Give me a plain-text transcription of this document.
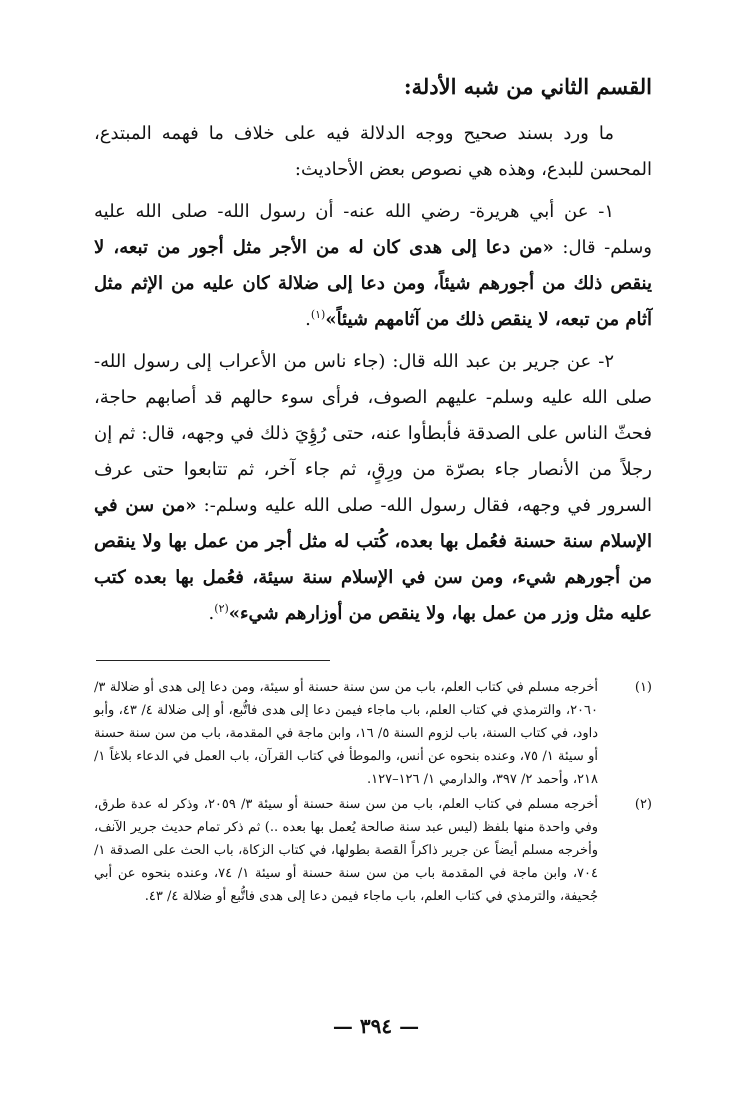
القسم الثاني من شبه الأدلة:

ما ورد بسند صحيح ووجه الدلالة فيه على خلاف ما فهمه المبتدع، المحسن للبدع، وهذه هي نصوص بعض الأحاديث:

١- عن أبي هريرة- رضي الله عنه- أن رسول الله- صلى الله عليه وسلم- قال: «من دعا إلى هدى كان له من الأجر مثل أجور من تبعه، لا ينقص ذلك من أجورهم شيئاً، ومن دعا إلى ضلالة كان عليه من الإثم مثل آثام من تبعه، لا ينقص ذلك من آثامهم شيئاً»$^{(١)}$.

٢- عن جرير بن عبد الله قال: (جاء ناس من الأعراب إلى رسول الله- صلى الله عليه وسلم- عليهم الصوف، فرأى سوء حالهم قد أصابهم حاجة، فحثّ الناس على الصدقة فأبطأوا عنه، حتى رُؤِيَ ذلك في وجهه، قال: ثم إن رجلاً من الأنصار جاء بصرّة من ورِقٍ، ثم جاء آخر، ثم تتابعوا حتى عرف السرور في وجهه، فقال رسول الله- صلى الله عليه وسلم-: «من سن في الإسلام سنة حسنة فعُمل بها بعده، كُتب له مثل أجر من عمل بها ولا ينقص من أجورهم شيء، ومن سن في الإسلام سنة سيئة، فعُمل بها بعده كتب عليه مثل وزر من عمل بها، ولا ينقص من أوزارهم شيء»$^{(٢)}$.

(١)
أخرجه مسلم في كتاب العلم، باب من سن سنة حسنة أو سيئة، ومن دعا إلى هدى أو ضلالة ٣/ ٢٠٦٠، والترمذي في كتاب العلم، باب ماجاء فيمن دعا إلى هدى فاتُّبع، أو إلى ضلالة ٤/ ٤٣، وأبو داود، في كتاب السنة، باب لزوم السنة ٥/ ١٦، وابن ماجة في المقدمة، باب من سن سنة حسنة أو سيئة ١/ ٧٥، وعنده بنحوه عن أنس، والموطأ في كتاب القرآن، باب العمل في الدعاء بلاغاً ١/ ٢١٨، وأحمد ٢/ ٣٩٧، والدارمي ١/ ١٢٦–١٢٧.
(٢)
أخرجه مسلم في كتاب العلم، باب من سن سنة حسنة أو سيئة ٣/ ٢٠٥٩، وذكر له عدة طرق، وفي واحدة منها بلفظ (ليس عبد سنة صالحة يُعمل بها بعده ..) ثم ذكر تمام حديث جرير الآنف، وأخرجه مسلم أيضاً عن جرير ذاكراً القصة بطولها، في كتاب الزكاة، باب الحث على الصدقة ١/ ٧٠٤، وابن ماجة في المقدمة باب من سن سنة حسنة أو سيئة ١/ ٧٤، وعنده بنحوه عن أبي جُحيفة، والترمذي في كتاب العلم، باب ماجاء فيمن دعا إلى هدى فاتُّبع أو ضلالة ٤/ ٤٣.
— ٣٩٤ —
